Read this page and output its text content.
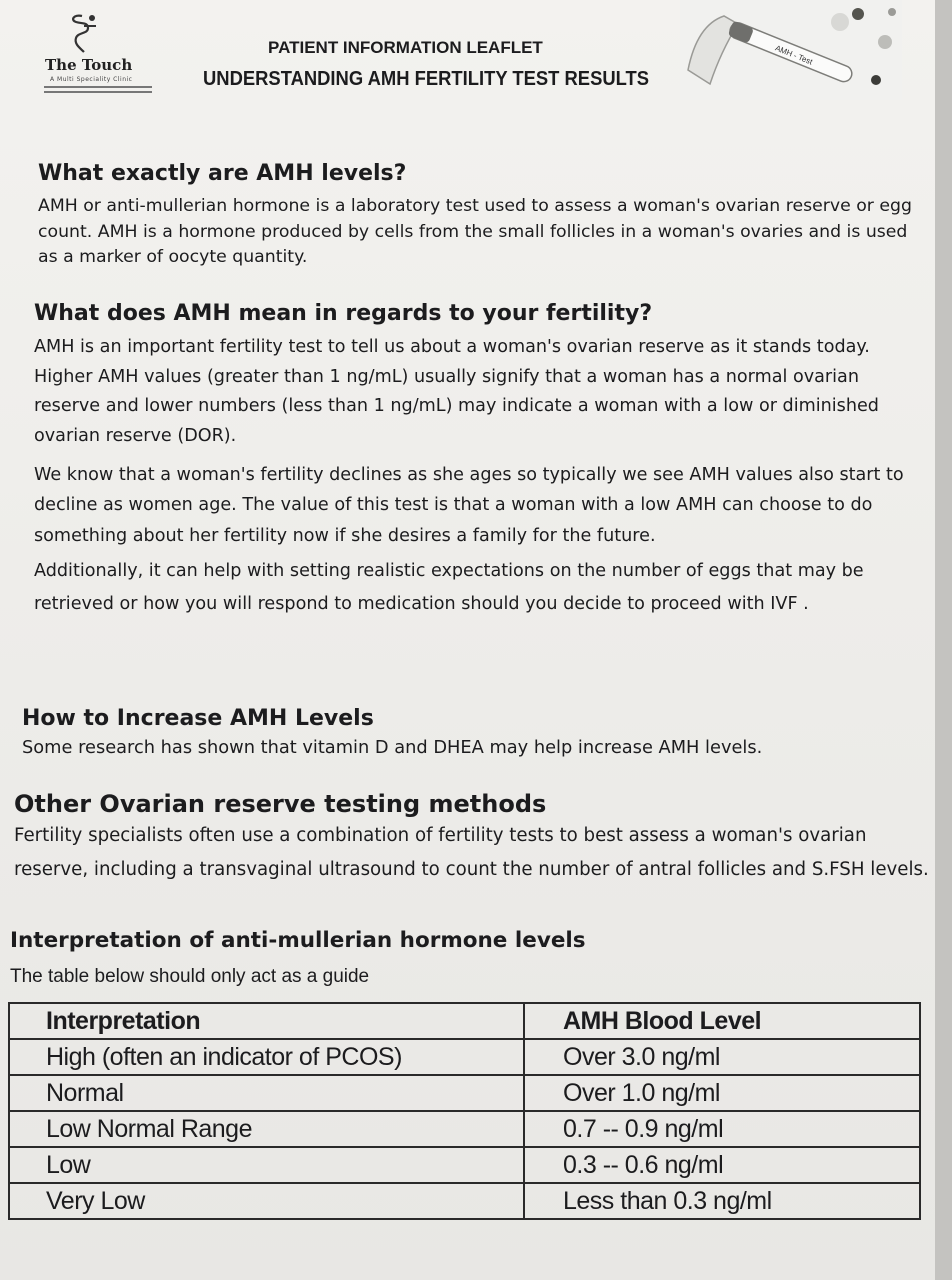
The Touch
A Multi Speciality Clinic
PATIENT INFORMATION LEAFLET
UNDERSTANDING AMH FERTILITY TEST RESULTS
AMH - Test
What exactly are AMH levels?

AMH or anti-mullerian hormone is a laboratory test used to assess a woman's ovarian reserve or egg count. AMH is a hormone produced by cells from the small follicles in a woman's ovaries and is used as a marker of oocyte quantity.

What does AMH mean in regards to your fertility?

AMH is an important fertility test to tell us about a woman's ovarian reserve as it stands today. Higher AMH values (greater than 1 ng/mL) usually signify that a woman has a normal ovarian reserve and lower numbers (less than 1 ng/mL) may indicate a woman with a low or diminished ovarian reserve (DOR).

We know that a woman's fertility declines as she ages so typically we see AMH values also start to decline as women age. The value of this test is that a woman with a low AMH can choose to do something about her fertility now if she desires a family for the future.

Additionally, it can help with setting realistic expectations on the number of eggs that may be retrieved or how you will respond to medication should you decide to proceed with IVF .

How to Increase AMH Levels

Some research has shown that vitamin D and DHEA may help increase AMH levels.

Other Ovarian reserve testing methods

Fertility specialists often use a combination of fertility tests to best assess a woman's ovarian reserve, including a transvaginal ultrasound to count the number of antral follicles and S.FSH levels.

Interpretation of anti-mullerian hormone levels
The table below should only act as a guide
Interpretation	AMH Blood Level
High (often an indicator of PCOS)	Over 3.0 ng/ml
Normal	Over 1.0 ng/ml
Low Normal Range	0.7 -- 0.9 ng/ml
Low	0.3 -- 0.6 ng/ml
Very Low	Less than 0.3 ng/ml
